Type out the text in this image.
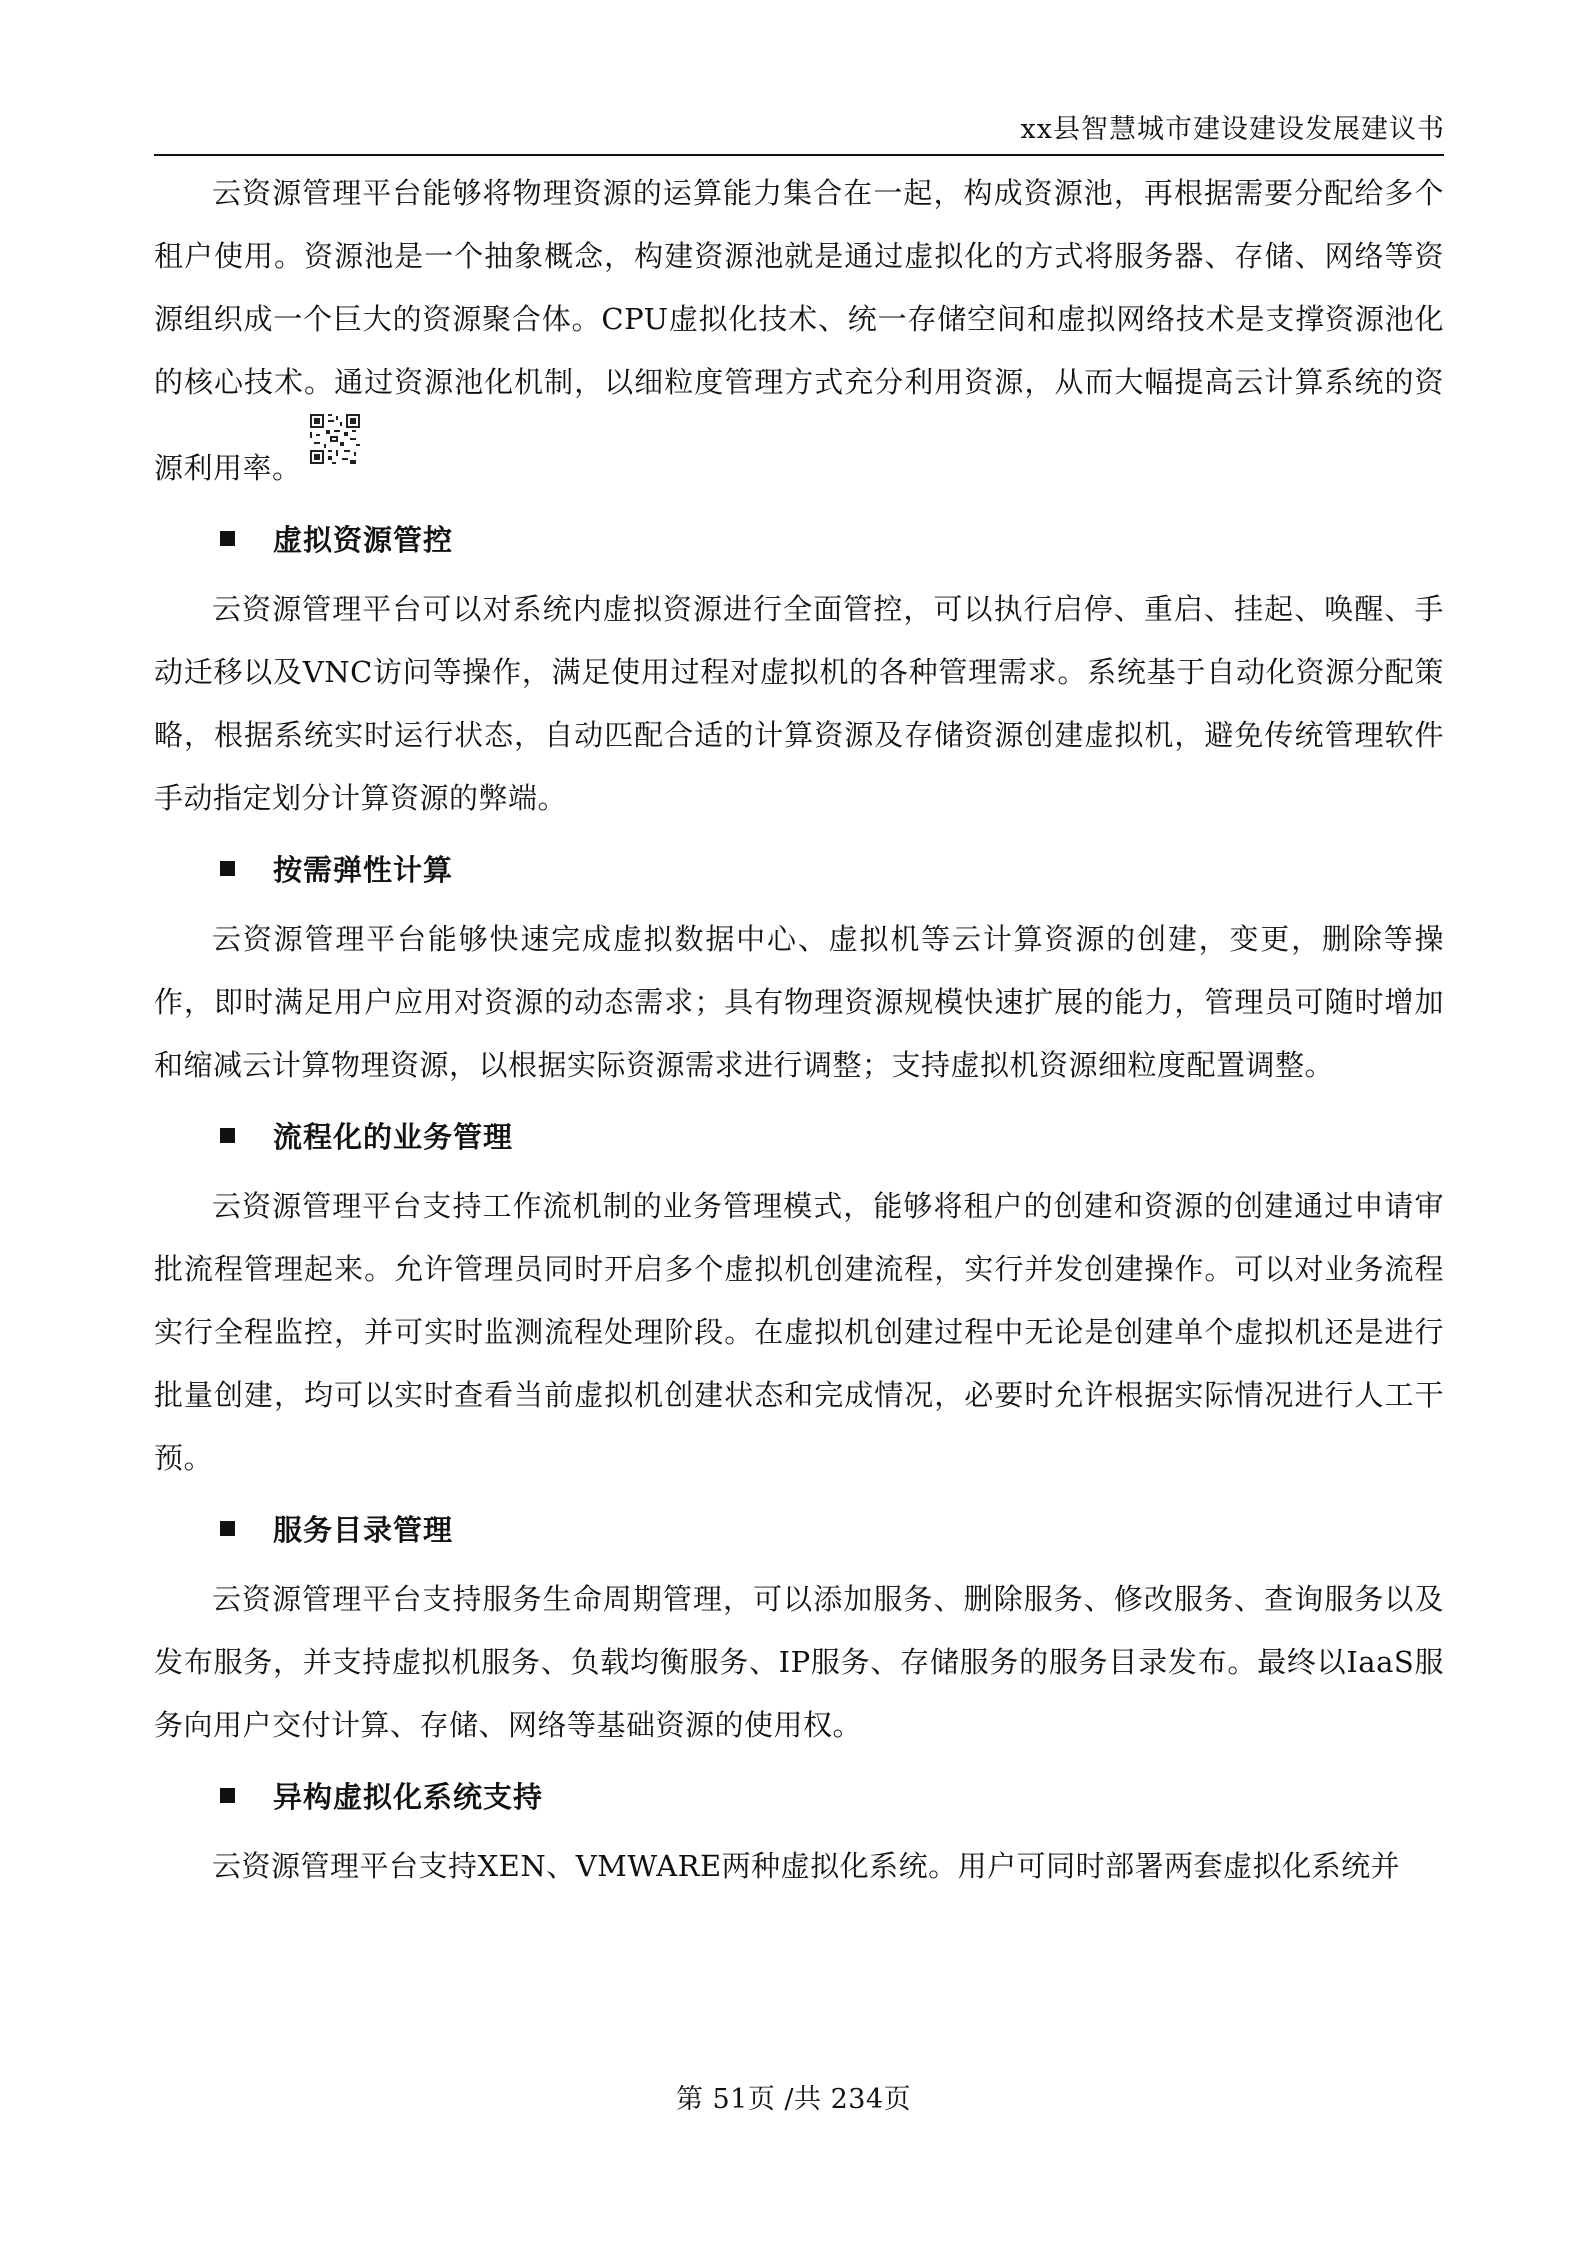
xx县智慧城市建设建设发展建议书

云资源管理平台能够将物理资源的运算能力集合在一起，构成资源池，再根据需要分配给多个租户使用。资源池是一个抽象概念，构建资源池就是通过虚拟化的方式将服务器、存储、网络等资源组织成一个巨大的资源聚合体。CPU虚拟化技术、统一存储空间和虚拟网络技术是支撑资源池化的核心技术。通过资源池化机制，以细粒度管理方式充分利用资源，从而大幅提高云计算系统的资源利用率。

虚拟资源管控

云资源管理平台可以对系统内虚拟资源进行全面管控，可以执行启停、重启、挂起、唤醒、手动迁移以及VNC访问等操作，满足使用过程对虚拟机的各种管理需求。系统基于自动化资源分配策略，根据系统实时运行状态，自动匹配合适的计算资源及存储资源创建虚拟机，避免传统管理软件手动指定划分计算资源的弊端。

按需弹性计算

云资源管理平台能够快速完成虚拟数据中心、虚拟机等云计算资源的创建，变更，删除等操作，即时满足用户应用对资源的动态需求；具有物理资源规模快速扩展的能力，管理员可随时增加和缩减云计算物理资源，以根据实际资源需求进行调整；支持虚拟机资源细粒度配置调整。

流程化的业务管理

云资源管理平台支持工作流机制的业务管理模式，能够将租户的创建和资源的创建通过申请审批流程管理起来。允许管理员同时开启多个虚拟机创建流程，实行并发创建操作。可以对业务流程实行全程监控，并可实时监测流程处理阶段。在虚拟机创建过程中无论是创建单个虚拟机还是进行批量创建，均可以实时查看当前虚拟机创建状态和完成情况，必要时允许根据实际情况进行人工干预。

服务目录管理

云资源管理平台支持服务生命周期管理，可以添加服务、删除服务、修改服务、查询服务以及发布服务，并支持虚拟机服务、负载均衡服务、IP服务、存储服务的服务目录发布。最终以IaaS服务向用户交付计算、存储、网络等基础资源的使用权。

异构虚拟化系统支持

云资源管理平台支持XEN、VMWARE两种虚拟化系统。用户可同时部署两套虚拟化系统并

第 51页 /共 234页
